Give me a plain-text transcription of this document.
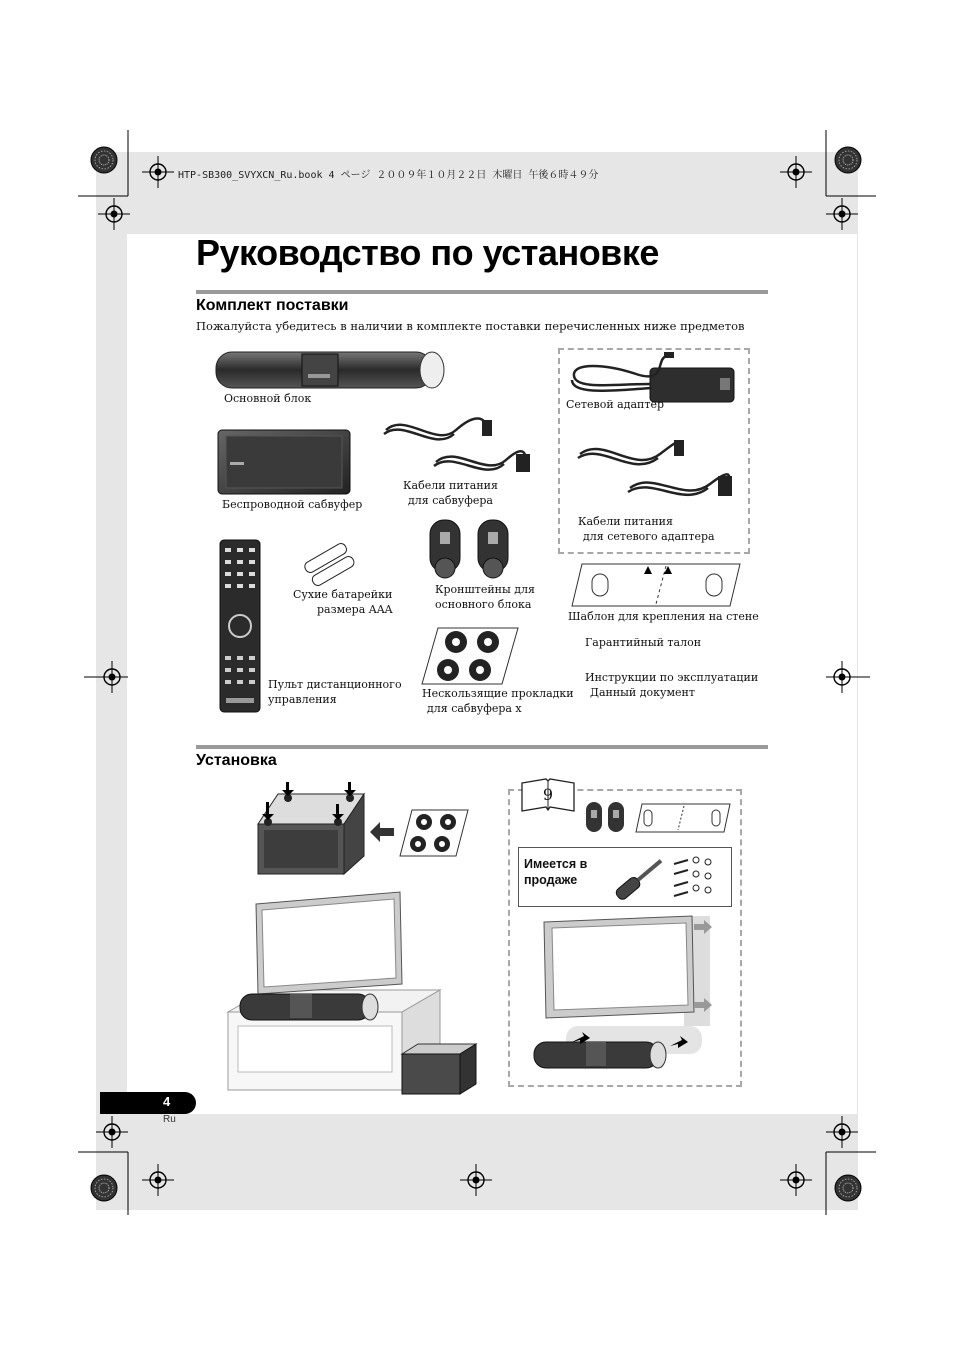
HTP-SB300_SVYXCN_Ru.book 4 ページ ２００９年１０月２２日 木曜日 午後６時４９分
Руководство по установке
Комплект поставки
Пожалуйста убедитесь в наличии в комплекте поставки перечисленных ниже предметов
Основной блок
Беспроводной сабвуфер
Кабели питания
для сабвуфера
Пульт дистанционного
управления
Сухие батарейки
размера AAA
Кронштейны для
основного блока
Нескользящие прокладки
для сабвуфера x
Сетевой адаптер
Кабели питания
для сетевого адаптера
Шаблон для крепления на стене
Гарантийный талон
Инструкции по эксплуатации
Данный документ
Установка
9
Имеется в
продаже
4
Ru
